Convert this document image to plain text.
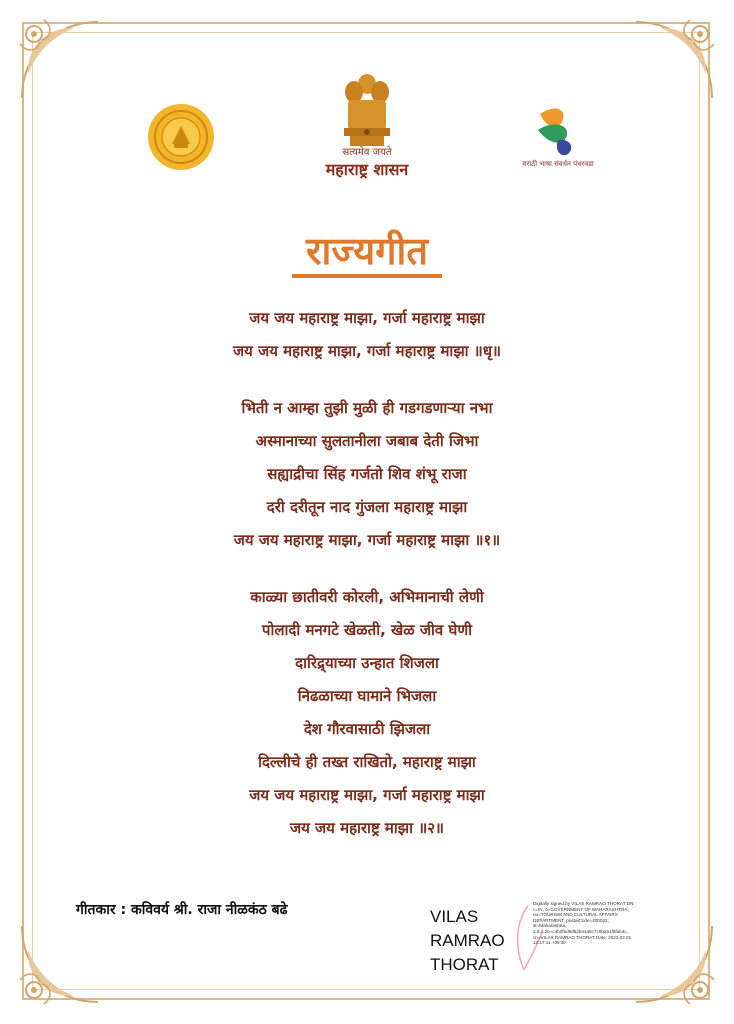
सत्यमेव जयते
महाराष्ट्र शासन	मराठी भाषा संवर्धन पंधरवडा
राज्यगीत
जय जय महाराष्ट्र माझा, गर्जा महाराष्ट्र माझा
जय जय महाराष्ट्र माझा, गर्जा महाराष्ट्र माझा ॥धृ॥
भिती न आम्हा तुझी मुळी ही गडगडणाऱ्या नभा
अस्मानाच्या सुलतानीला जबाब देती जिभा
सह्याद्रीचा सिंह गर्जतो शिव शंभू राजा
दरी दरीतून नाद गुंजला महाराष्ट्र माझा
जय जय महाराष्ट्र माझा, गर्जा महाराष्ट्र माझा ॥१॥
काळ्या छातीवरी कोरली, अभिमानाची लेणी
पोलादी मनगटे खेळती, खेळ जीव घेणी
दारिद्र्याच्या उन्हात शिजला
निढळाच्या घामाने भिजला
देश गौरवासाठी झिजला
दिल्लीचे ही तख्त राखितो, महाराष्ट्र माझा
जय जय महाराष्ट्र माझा, गर्जा महाराष्ट्र माझा
जय जय महाराष्ट्र माझा ॥२॥
गीतकार : कविवर्य श्री. राजा नीळकंठ बढे	VILAS
RAMRAO
THORAT
Digitally signed by VILAS RAMRAO THORAT DN: c=IN, o=GOVERNMENT OF MAHARASHTRA, ou=TOURISM AND CULTURAL AFFAIRS DEPARTMENT, postalCode=400032, st=Maharashtra, 2.5.4.20=c4b2f5d9d52b44a5c7c0ba61f8fab4c, cn=VILAS RAMRAO THORAT Date: 2023.02.01 13:17:11 +05'30'
